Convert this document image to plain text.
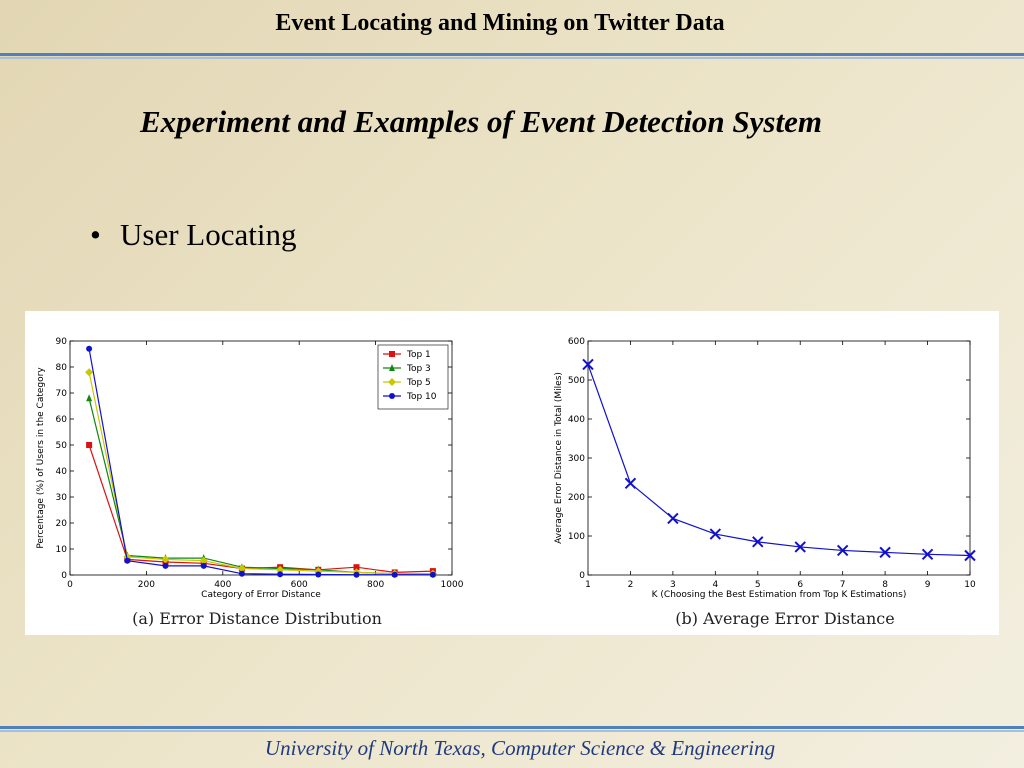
Event Locating and Mining on Twitter Data
Experiment and Examples of Event Detection System
• User Locating
0	200	400	600	800	1000
0
10
20
30
40
50
60
70
80
90
Category of Error Distance
Percentage (%) of Users in the Category
Top 1
Top 3
Top 5
Top 10
(a) Error Distance Distribution
1	2	3	4	5	6	7	8	9	10
0
100
200
300
400
500
600
K (Choosing the Best Estimation from Top K Estimations)
Average Error Distance in Total (Miles)
(b) Average Error Distance
University of North Texas, Computer Science & Engineering
